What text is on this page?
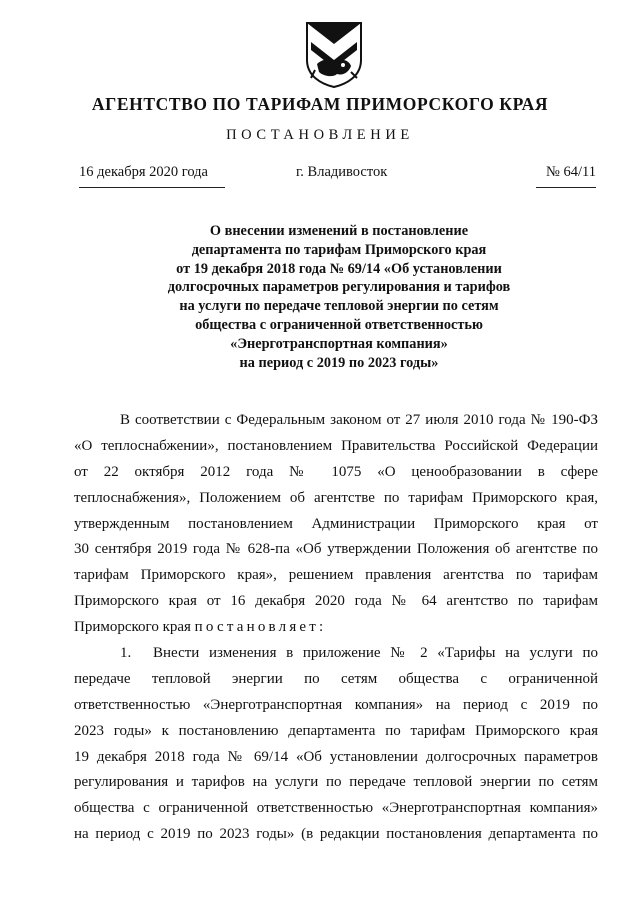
АГЕНТСТВО ПО ТАРИФАМ ПРИМОРСКОГО КРАЯ
ПОСТАНОВЛЕНИЕ
16 декабря 2020 года	г. Владивосток	№ 64/11
О внесении изменений в постановление
департамента по тарифам Приморского края
от 19 декабря 2018 года № 69/14 «Об установлении
долгосрочных параметров регулирования и тарифов
на услуги по передаче тепловой энергии по сетям
общества с ограниченной ответственностью
«Энерготранспортная компания»
на период с 2019 по 2023 годы»
В соответствии с Федеральным законом от 27 июля 2010 года № 190-ФЗ
«О теплоснабжении», постановлением Правительства Российской Федерации
от 22 октября 2012 года № 1075 «О ценообразовании в сфере
теплоснабжения», Положением об агентстве по тарифам Приморского края,
утвержденным постановлением Администрации Приморского края от
30 сентября 2019 года № 628-па «Об утверждении Положения об агентстве по
тарифам Приморского края», решением правления агентства по тарифам
Приморского края от 16 декабря 2020 года № 64 агентство по тарифам
Приморского края постановляет:
1. Внести изменения в приложение № 2 «Тарифы на услуги по
передаче тепловой энергии по сетям общества с ограниченной
ответственностью «Энерготранспортная компания» на период с 2019 по
2023 годы» к постановлению департамента по тарифам Приморского края
19 декабря 2018 года № 69/14 «Об установлении долгосрочных параметров
регулирования и тарифов на услуги по передаче тепловой энергии по сетям
общества с ограниченной ответственностью «Энерготранспортная компания»
на период с 2019 по 2023 годы» (в редакции постановления департамента по
